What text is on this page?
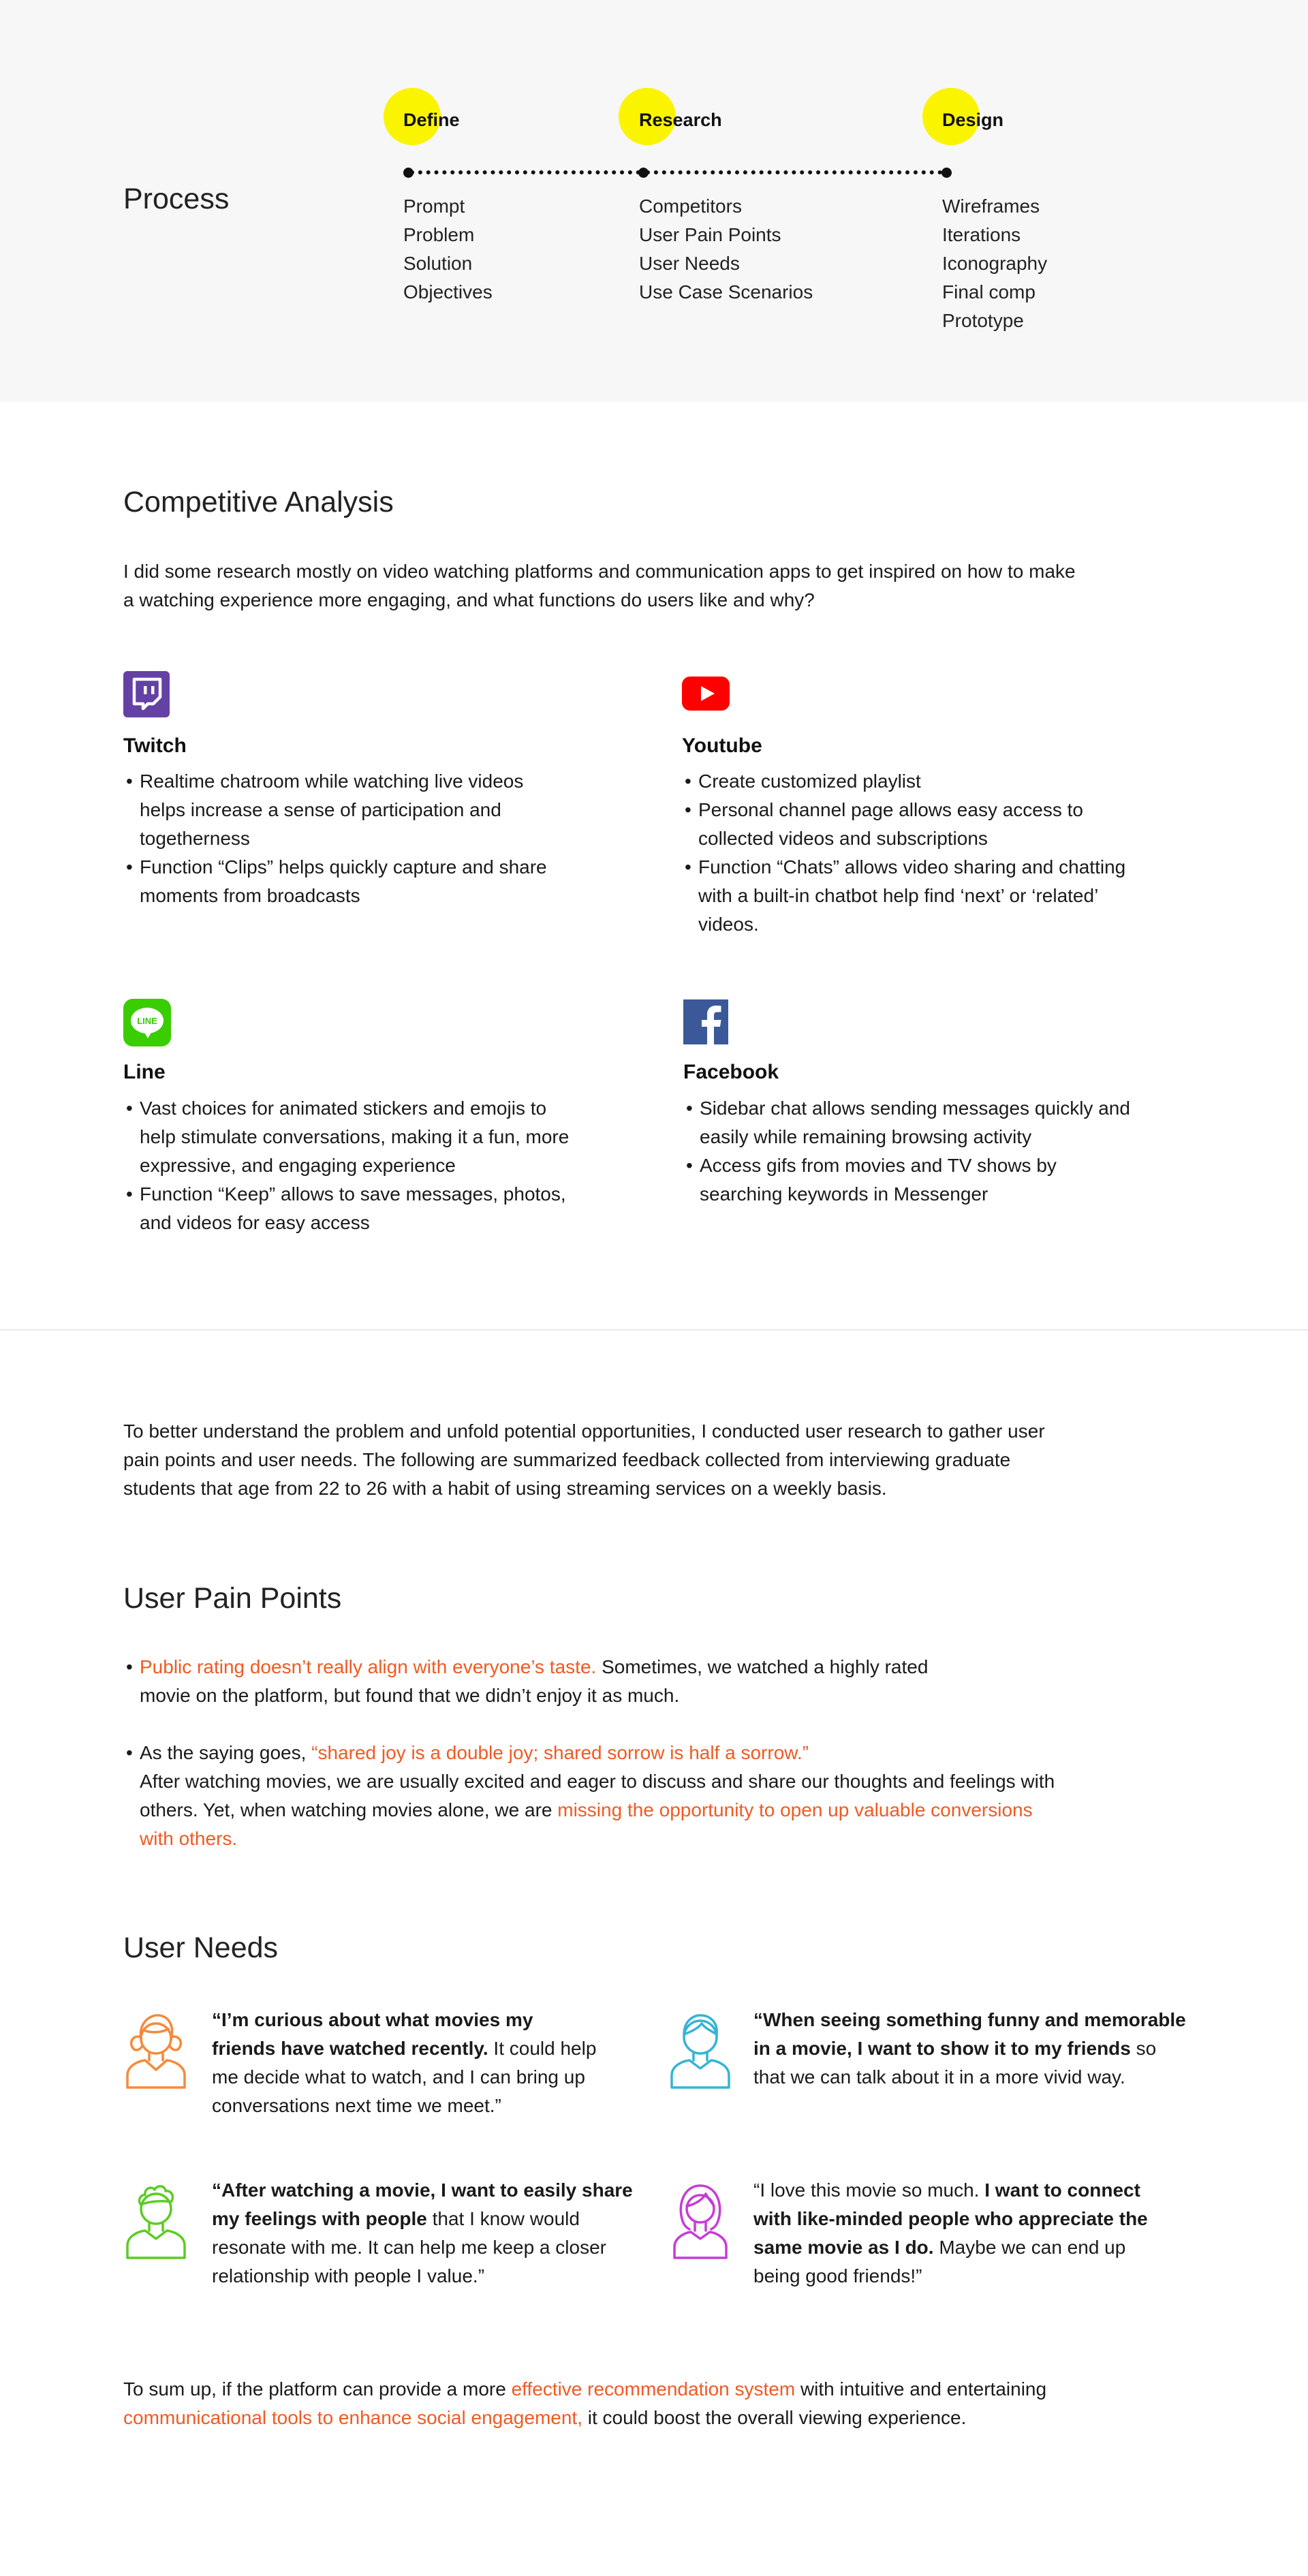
Process
Define	Research	Design
Prompt
Problem
Solution
Objectives
Competitors
User Pain Points
User Needs
Use Case Scenarios
Wireframes
Iterations
Iconography
Final comp
Prototype
Competitive Analysis

I did some research mostly on video watching platforms and communication apps to get inspired on how to make a watching experience more engaging, and what functions do users like and why?

Twitch
• Realtime chatroom while watching live videos helps increase a sense of participation and togetherness
• Function “Clips” helps quickly capture and share moments from broadcasts
Youtube
• Create customized playlist
• Personal channel page allows easy access to collected videos and subscriptions
• Function “Chats” allows video sharing and chatting with a built-in chatbot help find ‘next’ or ‘related’ videos.
LINE
Line
• Vast choices for animated stickers and emojis to help stimulate conversations, making it a fun, more expressive, and engaging experience
• Function “Keep” allows to save messages, photos, and videos for easy access
Facebook
• Sidebar chat allows sending messages quickly and easily while remaining browsing activity
• Access gifs from movies and TV shows by searching keywords in Messenger

To better understand the problem and unfold potential opportunities, I conducted user research to gather user pain points and user needs. The following are summarized feedback collected from interviewing graduate students that age from 22 to 26 with a habit of using streaming services on a weekly basis.

User Pain Points
• Public rating doesn’t really align with everyone’s taste. Sometimes, we watched a highly rated movie on the platform, but found that we didn’t enjoy it as much.
• As the saying goes, “shared joy is a double joy; shared sorrow is half a sorrow.”
After watching movies, we are usually excited and eager to discuss and share our thoughts and feelings with others. Yet, when watching movies alone, we are missing the opportunity to open up valuable conversions with others.
User Needs

“I’m curious about what movies my friends have watched recently. It could help me decide what to watch, and I can bring up conversations next time we meet.”

“When seeing something funny and memorable in a movie, I want to show it to my friends so that we can talk about it in a more vivid way.

“After watching a movie, I want to easily share my feelings with people that I know would resonate with me. It can help me keep a closer relationship with people I value.”

“I love this movie so much. I want to connect with like-minded people who appreciate the same movie as I do. Maybe we can end up being good friends!”

To sum up, if the platform can provide a more effective recommendation system with intuitive and entertaining
communicational tools to enhance social engagement, it could boost the overall viewing experience.
